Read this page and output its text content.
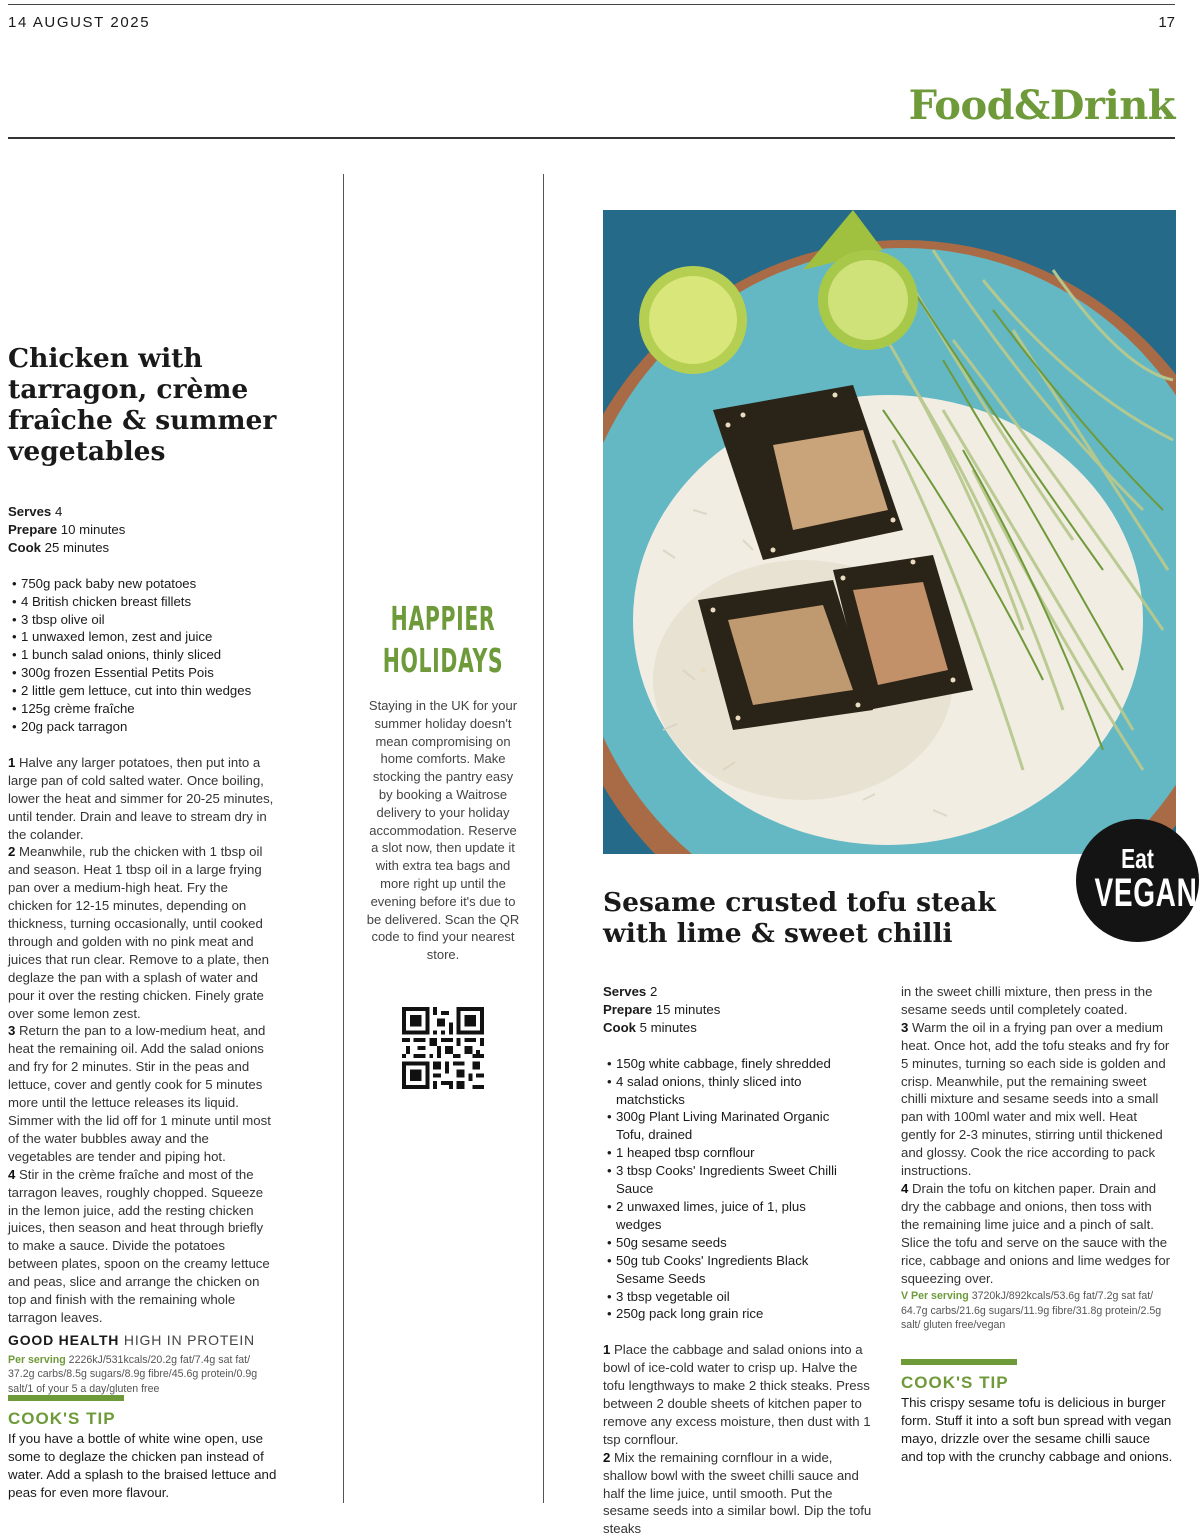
14 AUGUST 2025	17
Food&Drink
Chicken with tarragon, crème fraîche & summer vegetables
Serves 4
Prepare 10 minutes
Cook 25 minutes
• 750g pack baby new potatoes
• 4 British chicken breast fillets
• 3 tbsp olive oil
• 1 unwaxed lemon, zest and juice
• 1 bunch salad onions, thinly sliced
• 300g frozen Essential Petits Pois
• 2 little gem lettuce, cut into thin wedges
• 125g crème fraîche
• 20g pack tarragon

1 Halve any larger potatoes, then put into a large pan of cold salted water. Once boiling, lower the heat and simmer for 20-25 minutes, until tender. Drain and leave to stream dry in the colander.

2 Meanwhile, rub the chicken with 1 tbsp oil and season. Heat 1 tbsp oil in a large frying pan over a medium-high heat. Fry the chicken for 12-15 minutes, depending on thickness, turning occasionally, until cooked through and golden with no pink meat and juices that run clear. Remove to a plate, then deglaze the pan with a splash of water and pour it over the resting chicken. Finely grate over some lemon zest.

3 Return the pan to a low-medium heat, and heat the remaining oil. Add the salad onions and fry for 2 minutes. Stir in the peas and lettuce, cover and gently cook for 5 minutes more until the lettuce releases its liquid. Simmer with the lid off for 1 minute until most of the water bubbles away and the vegetables are tender and piping hot.

4 Stir in the crème fraîche and most of the tarragon leaves, roughly chopped. Squeeze in the lemon juice, add the resting chicken juices, then season and heat through briefly to make a sauce. Divide the potatoes between plates, spoon on the creamy lettuce and peas, slice and arrange the chicken on top and finish with the remaining whole tarragon leaves.

GOOD HEALTH HIGH IN PROTEIN
Per serving 2226kJ/531kcals/20.2g fat/7.4g sat fat/ 37.2g carbs/8.5g sugars/8.9g fibre/45.6g protein/0.9g salt/1 of your 5 a day/gluten free
COOK'S TIP
If you have a bottle of white wine open, use some to deglaze the chicken pan instead of water. Add a splash to the braised lettuce and peas for even more flavour.
HAPPIER
HOLIDAYS
Staying in the UK for your summer holiday doesn't mean compromising on home comforts. Make stocking the pantry easy by booking a Waitrose delivery to your holiday accommodation. Reserve a slot now, then update it with extra tea bags and more right up until the evening before it's due to be delivered. Scan the QR code to find your nearest store.
Eat
VEGAN
Sesame crusted tofu steak with lime & sweet chilli
Serves 2
Prepare 15 minutes
Cook 5 minutes
• 150g white cabbage, finely shredded
• 4 salad onions, thinly sliced into matchsticks
• 300g Plant Living Marinated Organic Tofu, drained
• 1 heaped tbsp cornflour
• 3 tbsp Cooks' Ingredients Sweet Chilli Sauce
• 2 unwaxed limes, juice of 1, plus wedges
• 50g sesame seeds
• 50g tub Cooks' Ingredients Black Sesame Seeds
• 3 tbsp vegetable oil
• 250g pack long grain rice

1 Place the cabbage and salad onions into a bowl of ice-cold water to crisp up. Halve the tofu lengthways to make 2 thick steaks. Press between 2 double sheets of kitchen paper to remove any excess moisture, then dust with 1 tsp cornflour.

2 Mix the remaining cornflour in a wide, shallow bowl with the sweet chilli sauce and half the lime juice, until smooth. Put the sesame seeds into a similar bowl. Dip the tofu steaks

in the sweet chilli mixture, then press in the sesame seeds until completely coated.

3 Warm the oil in a frying pan over a medium heat. Once hot, add the tofu steaks and fry for 5 minutes, turning so each side is golden and crisp. Meanwhile, put the remaining sweet chilli mixture and sesame seeds into a small pan with 100ml water and mix well. Heat gently for 2-3 minutes, stirring until thickened and glossy. Cook the rice according to pack instructions.

4 Drain the tofu on kitchen paper. Drain and dry the cabbage and onions, then toss with the remaining lime juice and a pinch of salt. Slice the tofu and serve on the sauce with the rice, cabbage and onions and lime wedges for squeezing over.

V Per serving 3720kJ/892kcals/53.6g fat/7.2g sat fat/ 64.7g carbs/21.6g sugars/11.9g fibre/31.8g protein/2.5g salt/ gluten free/vegan
COOK'S TIP
This crispy sesame tofu is delicious in burger form. Stuff it into a soft bun spread with vegan mayo, drizzle over the sesame chilli sauce and top with the crunchy cabbage and onions.
